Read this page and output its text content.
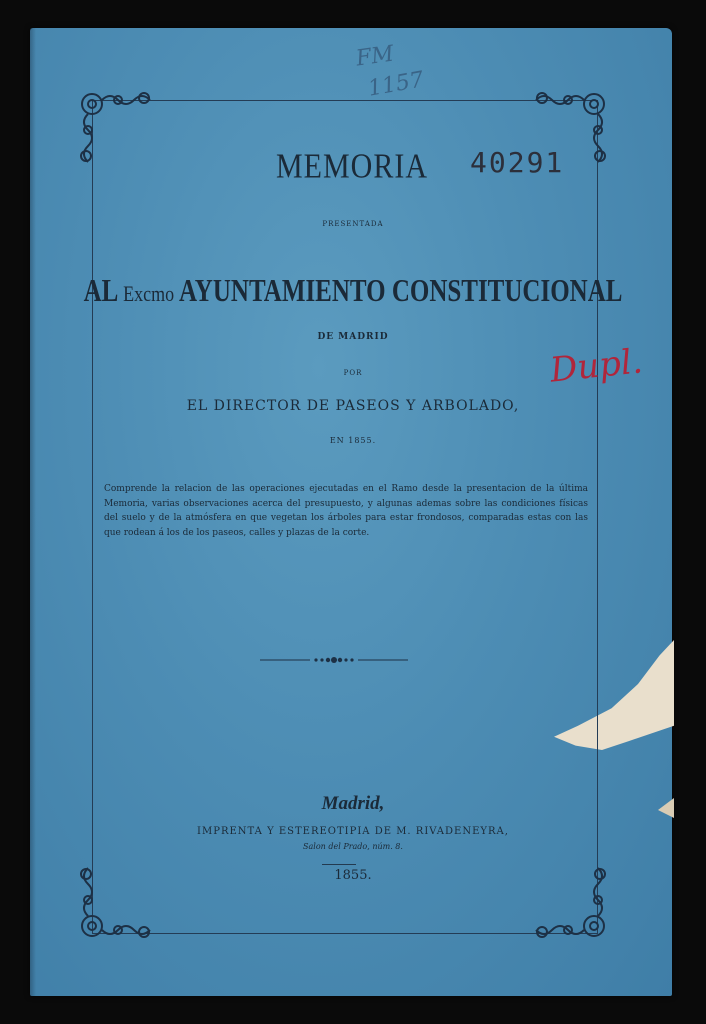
FM
1157
MEMORIA 40291
PRESENTADA
AL Excmo AYUNTAMIENTO CONSTITUCIONAL
DE MADRID
POR
EL DIRECTOR DE PASEOS Y ARBOLADO,
EN 1855.
Comprende la relacion de las operaciones ejecutadas en el Ramo desde la presentacion de la última Memoria, varias observaciones acerca del presupuesto, y algunas ademas sobre las condiciones físicas del suelo y de la atmósfera en que vegetan los árboles para estar frondosos, comparadas estas con las que rodean á los de los paseos, calles y plazas de la corte.
Dupl.
Madrid,
IMPRENTA Y ESTEREOTIPIA DE M. RIVADENEYRA,
Salon del Prado, núm. 8.
1855.
